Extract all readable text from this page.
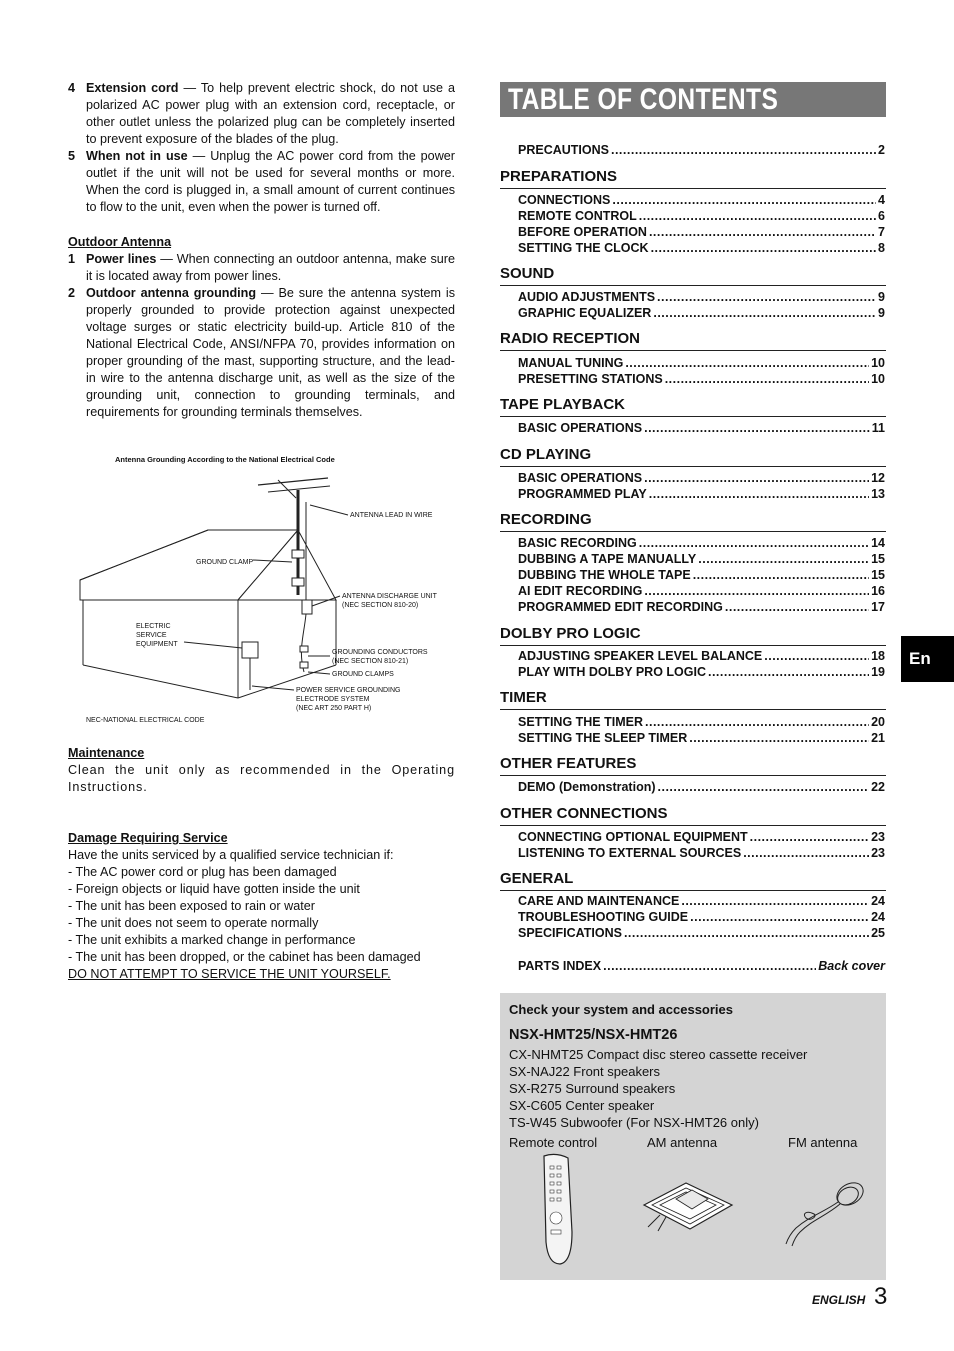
4 Extension cord — To help prevent electric shock, do not use a polarized AC power plug with an extension cord, receptacle, or other outlet unless the polarized plug can be completely inserted to prevent exposure of the blades of the plug.
5 When not in use — Unplug the AC power cord from the power outlet if the unit will not be used for several months or more. When the cord is plugged in, a small amount of current continues to flow to the unit, even when the power is turned off.
Outdoor Antenna
1 Power lines — When connecting an outdoor antenna, make sure it is located away from power lines.
2 Outdoor antenna grounding — Be sure the antenna system is properly grounded to provide protection against unexpected voltage surges or static electricity build-up. Article 810 of the National Electrical Code, ANSI/NFPA 70, provides information on proper grounding of the mast, supporting structure, and the lead-in wire to the antenna discharge unit, as well as the size of the grounding unit, connection to grounding terminals, and requirements for grounding terminals themselves.
Antenna Grounding According to the National Electrical Code
ANTENNA LEAD IN WIRE
GROUND CLAMP
ANTENNA DISCHARGE UNIT
(NEC SECTION 810-20)
GROUNDING CONDUCTORS
(NEC SECTION 810-21)
GROUND CLAMPS
ELECTRIC
SERVICE
EQUIPMENT
POWER SERVICE GROUNDING
ELECTRODE SYSTEM
(NEC ART 250 PART H)
NEC-NATIONAL ELECTRICAL CODE
Maintenance
Clean the unit only as recommended in the Operating Instructions.
Damage Requiring Service
Have the units serviced by a qualified service technician if:
- The AC power cord or plug has been damaged
- Foreign objects or liquid have gotten inside the unit
- The unit has been exposed to rain or water
- The unit does not seem to operate normally
- The unit exhibits a marked change in performance
- The unit has been dropped, or the cabinet has been damaged
DO NOT ATTEMPT TO SERVICE THE UNIT YOURSELF.
TABLE OF CONTENTS
PRECAUTIONS .....	2
PREPARATIONS
CONNECTIONS .....	4
REMOTE CONTROL .....	6
BEFORE OPERATION .....	7
SETTING THE CLOCK .....	8
SOUND
AUDIO ADJUSTMENTS .....	9
GRAPHIC EQUALIZER .....	9
RADIO RECEPTION
MANUAL TUNING .....	10
PRESETTING STATIONS .....	10
TAPE PLAYBACK
BASIC OPERATIONS .....	11
CD PLAYING
BASIC OPERATIONS .....	12
PROGRAMMED PLAY .....	13
RECORDING
BASIC RECORDING .....	14
DUBBING A TAPE MANUALLY .....	15
DUBBING THE WHOLE TAPE .....	15
AI EDIT RECORDING .....	16
PROGRAMMED EDIT RECORDING .....	17
DOLBY PRO LOGIC
ADJUSTING SPEAKER LEVEL BALANCE .....	18
PLAY WITH DOLBY PRO LOGIC .....	19
TIMER
SETTING THE TIMER .....	20
SETTING THE SLEEP TIMER .....	21
OTHER FEATURES
DEMO (Demonstration) .....	22
OTHER CONNECTIONS
CONNECTING OPTIONAL EQUIPMENT .....	23
LISTENING TO EXTERNAL SOURCES .....	23
GENERAL
CARE AND MAINTENANCE .....	24
TROUBLESHOOTING GUIDE .....	24
SPECIFICATIONS .....	25
PARTS INDEX .....	Back cover
Check your system and accessories
NSX-HMT25/NSX-HMT26
CX-NHMT25 Compact disc stereo cassette receiver
SX-NAJ22 Front speakers
SX-R275 Surround speakers
SX-C605 Center speaker
TS-W45 Subwoofer (For NSX-HMT26 only)
Remote control	AM antenna	FM antenna
En
ENGLISH 3
